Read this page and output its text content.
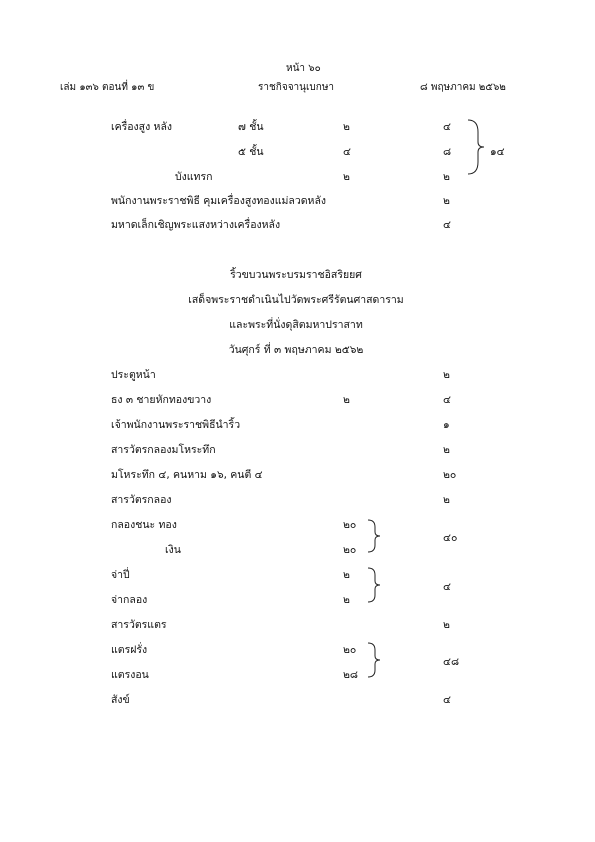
หน้า ๖๐
เล่ม ๑๓๖ ตอนที่ ๑๓ ข	ราชกิจจานุเบกษา	๘ พฤษภาคม ๒๕๖๒
เครื่องสูง หลัง	๗ ชั้น	๒	๔
๕ ชั้น	๔	๘
บังแทรก	๒	๒
๑๔
พนักงานพระราชพิธี คุมเครื่องสูงทองแม่ลวดหลัง	๒
มหาดเล็กเชิญพระแสงหว่างเครื่องหลัง	๔
ริ้วขบวนพระบรมราชอิสริยยศ
เสด็จพระราชดำเนินไปวัดพระศรีรัตนศาสดาราม
และพระที่นั่งดุสิตมหาปราสาท
วันศุกร์ ที่ ๓ พฤษภาคม ๒๕๖๒
ประตูหน้า	๒
ธง ๓ ชายหักทองขวาง	๒	๔
เจ้าพนักงานพระราชพิธีนำริ้ว	๑
สารวัตรกลองมโหระทึก	๒
มโหระทึก ๔, คนหาม ๑๖, คนตี ๔	๒๐
สารวัตรกลอง	๒
กลองชนะ ทอง	๒๐
เงิน	๒๐
๔๐
จ่าปี่	๒
จ่ากลอง	๒
๔
สารวัตรแตร	๒
แตรฝรั่ง	๒๐
แตรงอน	๒๘
๔๘
สังข์	๔
